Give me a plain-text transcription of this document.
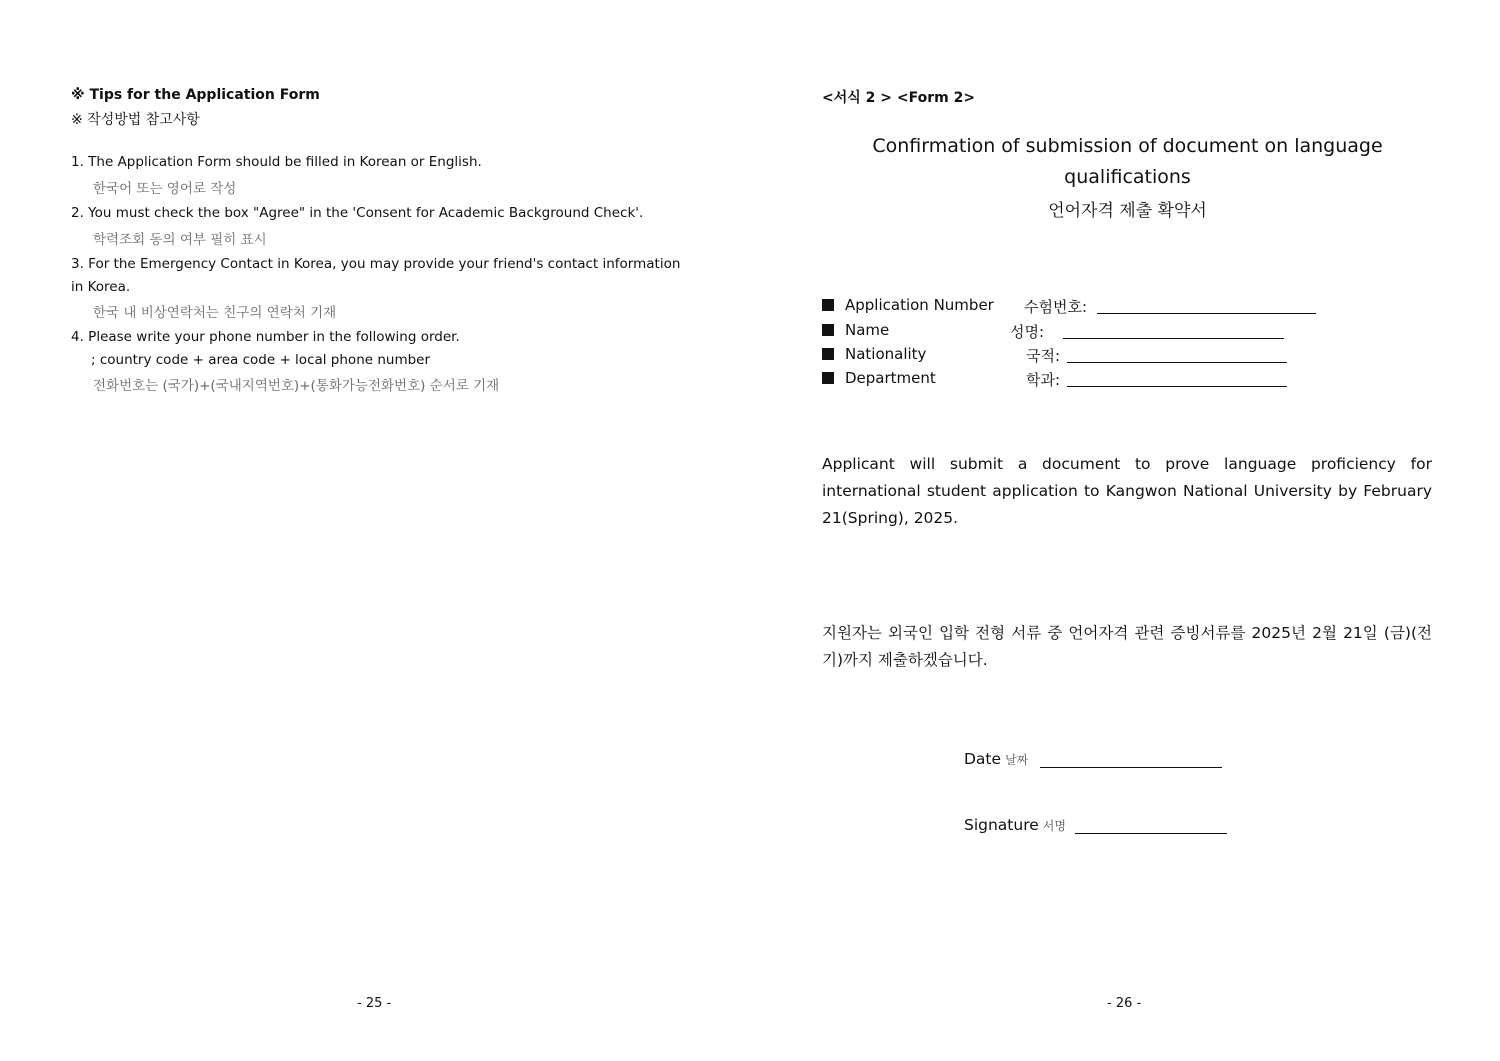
※ Tips for the Application Form
※ 작성방법 참고사항
1. The Application Form should be filled in Korean or English.
한국어 또는 영어로 작성
2. You must check the box "Agree" in the 'Consent for Academic Background Check'.
학력조회 동의 여부 필히 표시
3. For the Emergency Contact in Korea, you may provide your friend's contact information
in Korea.
한국 내 비상연락처는 친구의 연락처 기재
4. Please write your phone number in the following order.
; country code + area code + local phone number
전화번호는 (국가)+(국내지역번호)+(통화가능전화번호) 순서로 기재
- 25 -
<서식 2 > <Form 2>
Confirmation of submission of document on language
qualifications
언어자격 제출 확약서
Application Number 수험번호:
Name	성명:
Nationality	국적:
Department	학과:
Applicant will submit a document to prove language proficiency for international student application to Kangwon National University by February 21(Spring), 2025.
지원자는 외국인 입학 전형 서류 중 언어자격 관련 증빙서류를 2025년 2월 21일 (금)(전기)까지 제출하겠습니다.
Date 날짜
Signature 서명
- 26 -
